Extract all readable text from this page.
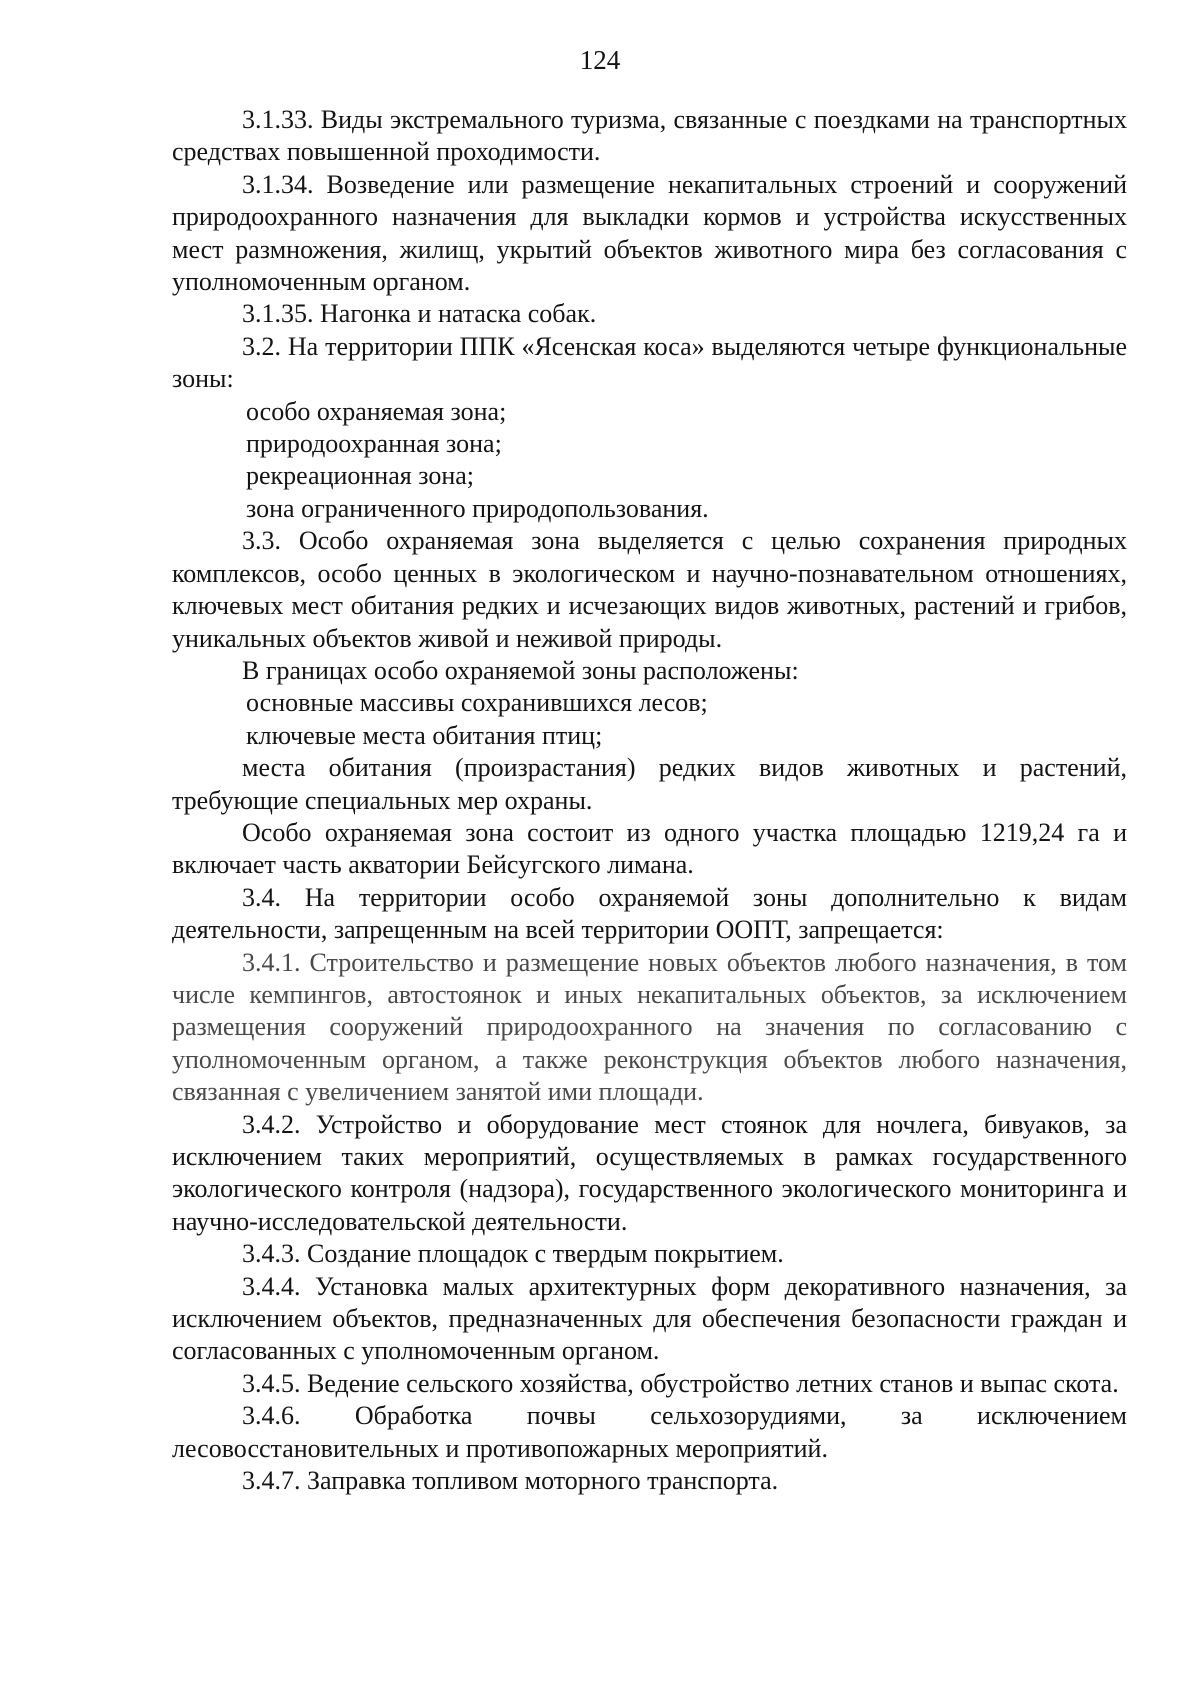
124

3.1.33. Виды экстремального туризма, связанные с поездками на транспортных средствах повышенной проходимости.

3.1.34. Возведение или размещение некапитальных строений и сооружений природоохранного назначения для выкладки кормов и устройства искусственных мест размножения, жилищ, укрытий объектов животного мира без согласования с уполномоченным органом.

3.1.35. Нагонка и натаска собак.

3.2. На территории ППК «Ясенская коса» выделяются четыре функциональные зоны:

особо охраняемая зона;

природоохранная зона;

рекреационная зона;

зона ограниченного природопользования.

3.3. Особо охраняемая зона выделяется с целью сохранения природных комплексов, особо ценных в экологическом и научно-познавательном отношениях, ключевых мест обитания редких и исчезающих видов животных, растений и грибов, уникальных объектов живой и неживой природы.

В границах особо охраняемой зоны расположены:

основные массивы сохранившихся лесов;

ключевые места обитания птиц;

места обитания (произрастания) редких видов животных и растений, требующие специальных мер охраны.

Особо охраняемая зона состоит из одного участка площадью 1219,24 га и включает часть акватории Бейсугского лимана.

3.4. На территории особо охраняемой зоны дополнительно к видам деятельности, запрещенным на всей территории ООПТ, запрещается:

3.4.1. Строительство и размещение новых объектов любого назначения, в том числе кемпингов, автостоянок и иных некапитальных объектов, за исключением размещения сооружений природоохранного на значения по согласованию с уполномоченным органом, а также реконструкция объектов любого назначения, связанная с увеличением занятой ими площади.

3.4.2. Устройство и оборудование мест стоянок для ночлега, бивуаков, за исключением таких мероприятий, осуществляемых в рамках государственного экологического контроля (надзора), государственного экологического мониторинга и научно-исследовательской деятельности.

3.4.3. Создание площадок с твердым покрытием.

3.4.4. Установка малых архитектурных форм декоративного назначения, за исключением объектов, предназначенных для обеспечения безопасности граждан и согласованных с уполномоченным органом.

3.4.5. Ведение сельского хозяйства, обустройство летних станов и выпас скота.

3.4.6. Обработка почвы сельхозорудиями, за исключением лесовосстановительных и противопожарных мероприятий.

3.4.7. Заправка топливом моторного транспорта.
